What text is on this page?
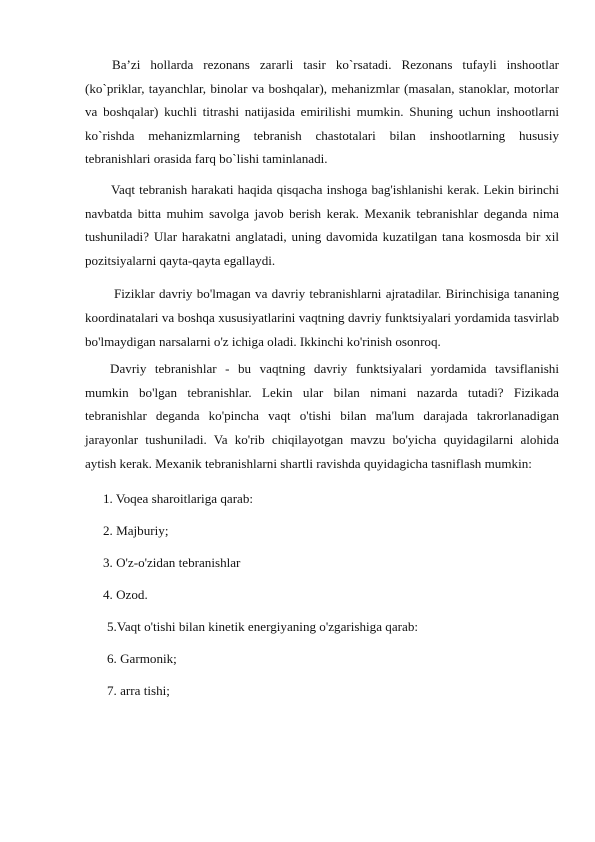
Ba’zi hollarda rezonans zararli tasir ko`rsatadi. Rezonans tufayli inshootlar (ko`priklar, tayanchlar, binolar va boshqalar), mehanizmlar (masalan, stanoklar, motorlar va boshqalar) kuchli titrashi natijasida emirilishi mumkin. Shuning uchun inshootlarni ko`rishda mehanizmlarning tebranish chastotalari bilan inshootlarning hususiy tebranishlari orasida farq bo`lishi taminlanadi.

Vaqt tebranish harakati haqida qisqacha inshoga bag'ishlanishi kerak. Lekin birinchi navbatda bitta muhim savolga javob berish kerak. Mexanik tebranishlar deganda nima tushuniladi? Ular harakatni anglatadi, uning davomida kuzatilgan tana kosmosda bir xil pozitsiyalarni qayta-qayta egallaydi.

Fiziklar davriy bo'lmagan va davriy tebranishlarni ajratadilar. Birinchisiga tananing koordinatalari va boshqa xususiyatlarini vaqtning davriy funktsiyalari yordamida tasvirlab bo'lmaydigan narsalarni o'z ichiga oladi. Ikkinchi ko'rinish osonroq.

Davriy tebranishlar - bu vaqtning davriy funktsiyalari yordamida tavsiflanishi mumkin bo'lgan tebranishlar. Lekin ular bilan nimani nazarda tutadi? Fizikada tebranishlar deganda ko'pincha vaqt o'tishi bilan ma'lum darajada takrorlanadigan jarayonlar tushuniladi. Va ko'rib chiqilayotgan mavzu bo'yicha quyidagilarni alohida aytish kerak. Mexanik tebranishlarni shartli ravishda quyidagicha tasniflash mumkin:

1. Voqea sharoitlariga qarab:
2. Majburiy;
3. O'z-o'zidan tebranishlar
4. Ozod.
5.Vaqt o'tishi bilan kinetik energiyaning o'zgarishiga qarab:
6. Garmonik;
7. arra tishi;
